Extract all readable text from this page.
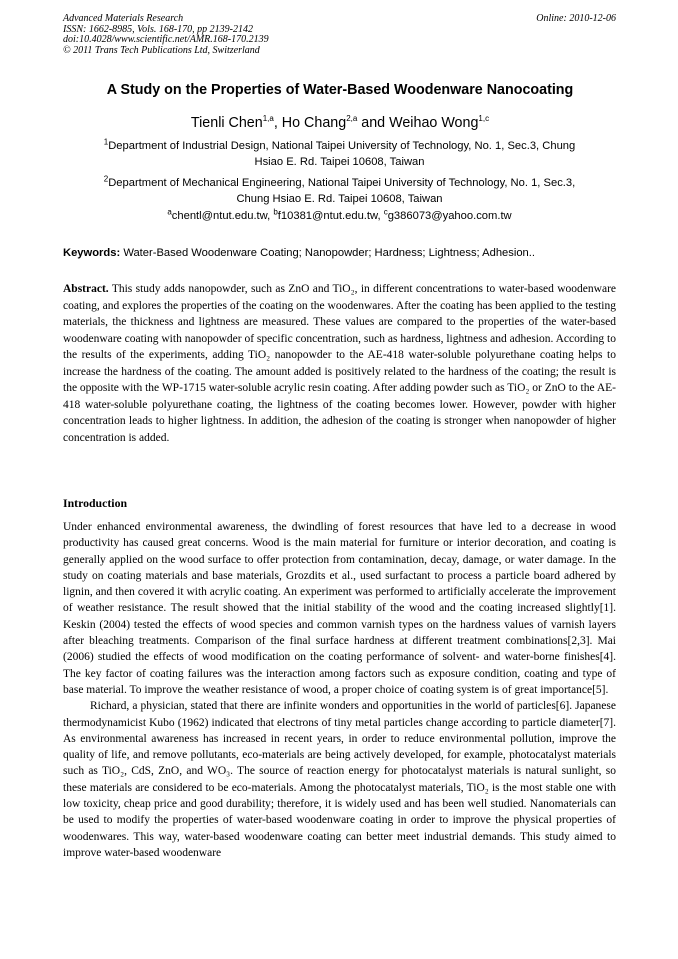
Advanced Materials Research
ISSN: 1662-8985, Vols. 168-170, pp 2139-2142
doi:10.4028/www.scientific.net/AMR.168-170.2139
© 2011 Trans Tech Publications Ltd, Switzerland
Online: 2010-12-06
A Study on the Properties of Water-Based Woodenware Nanocoating
Tienli Chen$^{1,a}$, Ho Chang$^{2,a}$ and Weihao Wong$^{1,c}$
$^1$Department of Industrial Design, National Taipei University of Technology, No. 1, Sec.3, Chung
Hsiao E. Rd. Taipei 10608, Taiwan
$^2$Department of Mechanical Engineering, National Taipei University of Technology, No. 1, Sec.3,
Chung Hsiao E. Rd. Taipei 10608, Taiwan
$^a$chentl@ntut.edu.tw, $^b$f10381@ntut.edu.tw, $^c$g386073@yahoo.com.tw
Keywords: Water-Based Woodenware Coating; Nanopowder; Hardness; Lightness; Adhesion..
Abstract. This study adds nanopowder, such as ZnO and TiO₂, in different concentrations to water-based woodenware coating, and explores the properties of the coating on the woodenwares. After the coating has been applied to the testing materials, the thickness and lightness are measured. These values are compared to the properties of the water-based woodenware coating with nanopowder of specific concentration, such as hardness, lightness and adhesion. According to the results of the experiments, adding TiO₂ nanopowder to the AE-418 water-soluble polyurethane coating helps to increase the hardness of the coating. The amount added is positively related to the hardness of the coating; the result is the opposite with the WP-1715 water-soluble acrylic resin coating. After adding powder such as TiO₂ or ZnO to the AE-418 water-soluble polyurethane coating, the lightness of the coating becomes lower. However, powder with higher concentration leads to higher lightness. In addition, the adhesion of the coating is stronger when nanopowder of higher concentration is added.
Introduction

Under enhanced environmental awareness, the dwindling of forest resources that have led to a decrease in wood productivity has caused great concerns. Wood is the main material for furniture or interior decoration, and coating is generally applied on the wood surface to offer protection from contamination, decay, damage, or water damage. In the study on coating materials and base materials, Grozdits et al., used surfactant to process a particle board adhered by lignin, and then covered it with acrylic coating. An experiment was performed to artificially accelerate the improvement of weather resistance. The result showed that the initial stability of the wood and the coating increased slightly[1]. Keskin (2004) tested the effects of wood species and common varnish types on the hardness values of varnish layers after bleaching treatments. Comparison of the final surface hardness at different treatment combinations[2,3]. Mai (2006) studied the effects of wood modification on the coating performance of solvent- and water-borne finishes[4]. The key factor of coating failures was the interaction among factors such as exposure condition, coating and type of base material. To improve the weather resistance of wood, a proper choice of coating system is of great importance[5].

Richard, a physician, stated that there are infinite wonders and opportunities in the world of particles[6]. Japanese thermodynamicist Kubo (1962) indicated that electrons of tiny metal particles change according to particle diameter[7]. As environmental awareness has increased in recent years, in order to reduce environmental pollution, improve the quality of life, and remove pollutants, eco-materials are being actively developed, for example, photocatalyst materials such as TiO₂, CdS, ZnO, and WO₃. The source of reaction energy for photocatalyst materials is natural sunlight, so these materials are considered to be eco-materials. Among the photocatalyst materials, TiO₂ is the most stable one with low toxicity, cheap price and good durability; therefore, it is widely used and has been well studied. Nanomaterials can be used to modify the properties of water-based woodenware coating in order to improve the physical properties of woodenwares. This way, water-based woodenware coating can better meet industrial demands. This study aimed to improve water-based woodenware
